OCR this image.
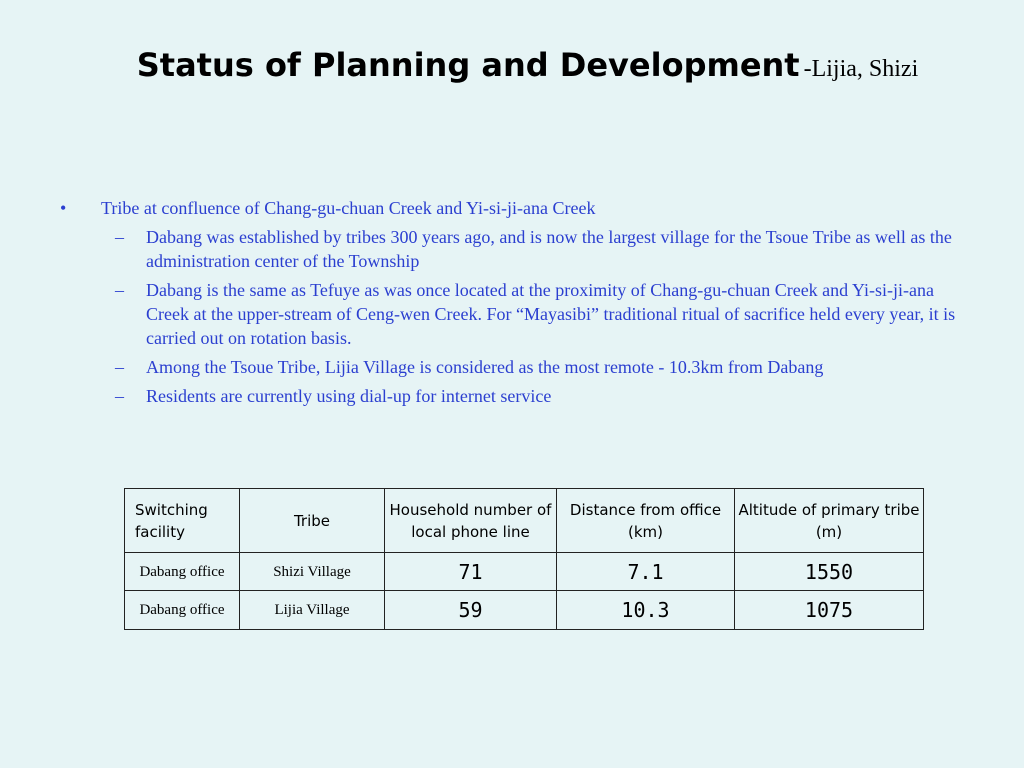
Status of Planning and Development -Lijia, Shizi
• Tribe at confluence of Chang-gu-chuan Creek and Yi-si-ji-ana Creek
– Dabang was established by tribes 300 years ago, and is now the largest village for the Tsoue Tribe as well as the administration center of the Township
– Dabang is the same as Tefuye as was once located at the proximity of Chang-gu-chuan Creek and Yi-si-ji-ana Creek at the upper-stream of Ceng-wen Creek. For “Mayasibi” traditional ritual of sacrifice held every year, it is carried out on rotation basis.
– Among the Tsoue Tribe, Lijia Village is considered as the most remote - 10.3km from Dabang
– Residents are currently using dial-up for internet service
Switching facility	Tribe	Household number of local phone line	Distance from office (km)	Altitude of primary tribe (m)
Dabang office	Shizi Village	71	7.1	1550
Dabang office	Lijia Village	59	10.3	1075
